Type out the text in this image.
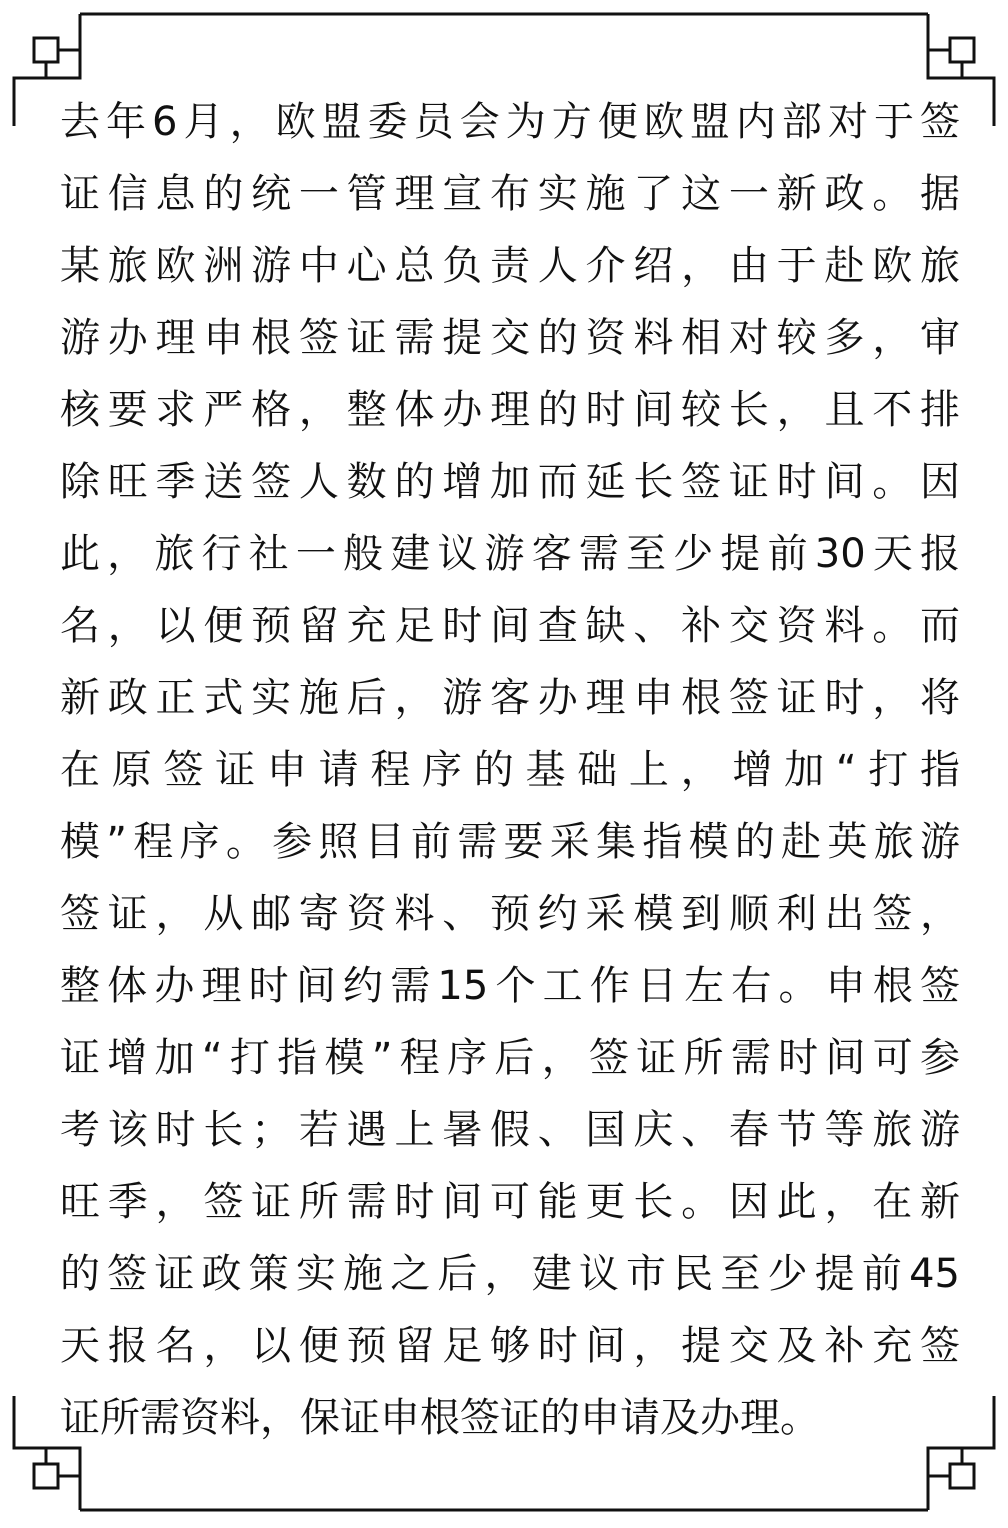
去年6月，欧盟委员会为方便欧盟内部对于签
证信息的统一管理宣布实施了这一新政。据
某旅欧洲游中心总负责人介绍，由于赴欧旅
游办理申根签证需提交的资料相对较多，审
核要求严格，整体办理的时间较长，且不排
除旺季送签人数的增加而延长签证时间。因
此，旅行社一般建议游客需至少提前30天报
名，以便预留充足时间查缺、补交资料。而
新政正式实施后，游客办理申根签证时，将
在原签证申请程序的基础上，增加“打指
模”程序。参照目前需要采集指模的赴英旅游
签证，从邮寄资料、预约采模到顺利出签，
整体办理时间约需15个工作日左右。申根签
证增加“打指模”程序后，签证所需时间可参
考该时长；若遇上暑假、国庆、春节等旅游
旺季，签证所需时间可能更长。因此，在新
的签证政策实施之后，建议市民至少提前45
天报名，以便预留足够时间，提交及补充签
证所需资料，保证申根签证的申请及办理。
